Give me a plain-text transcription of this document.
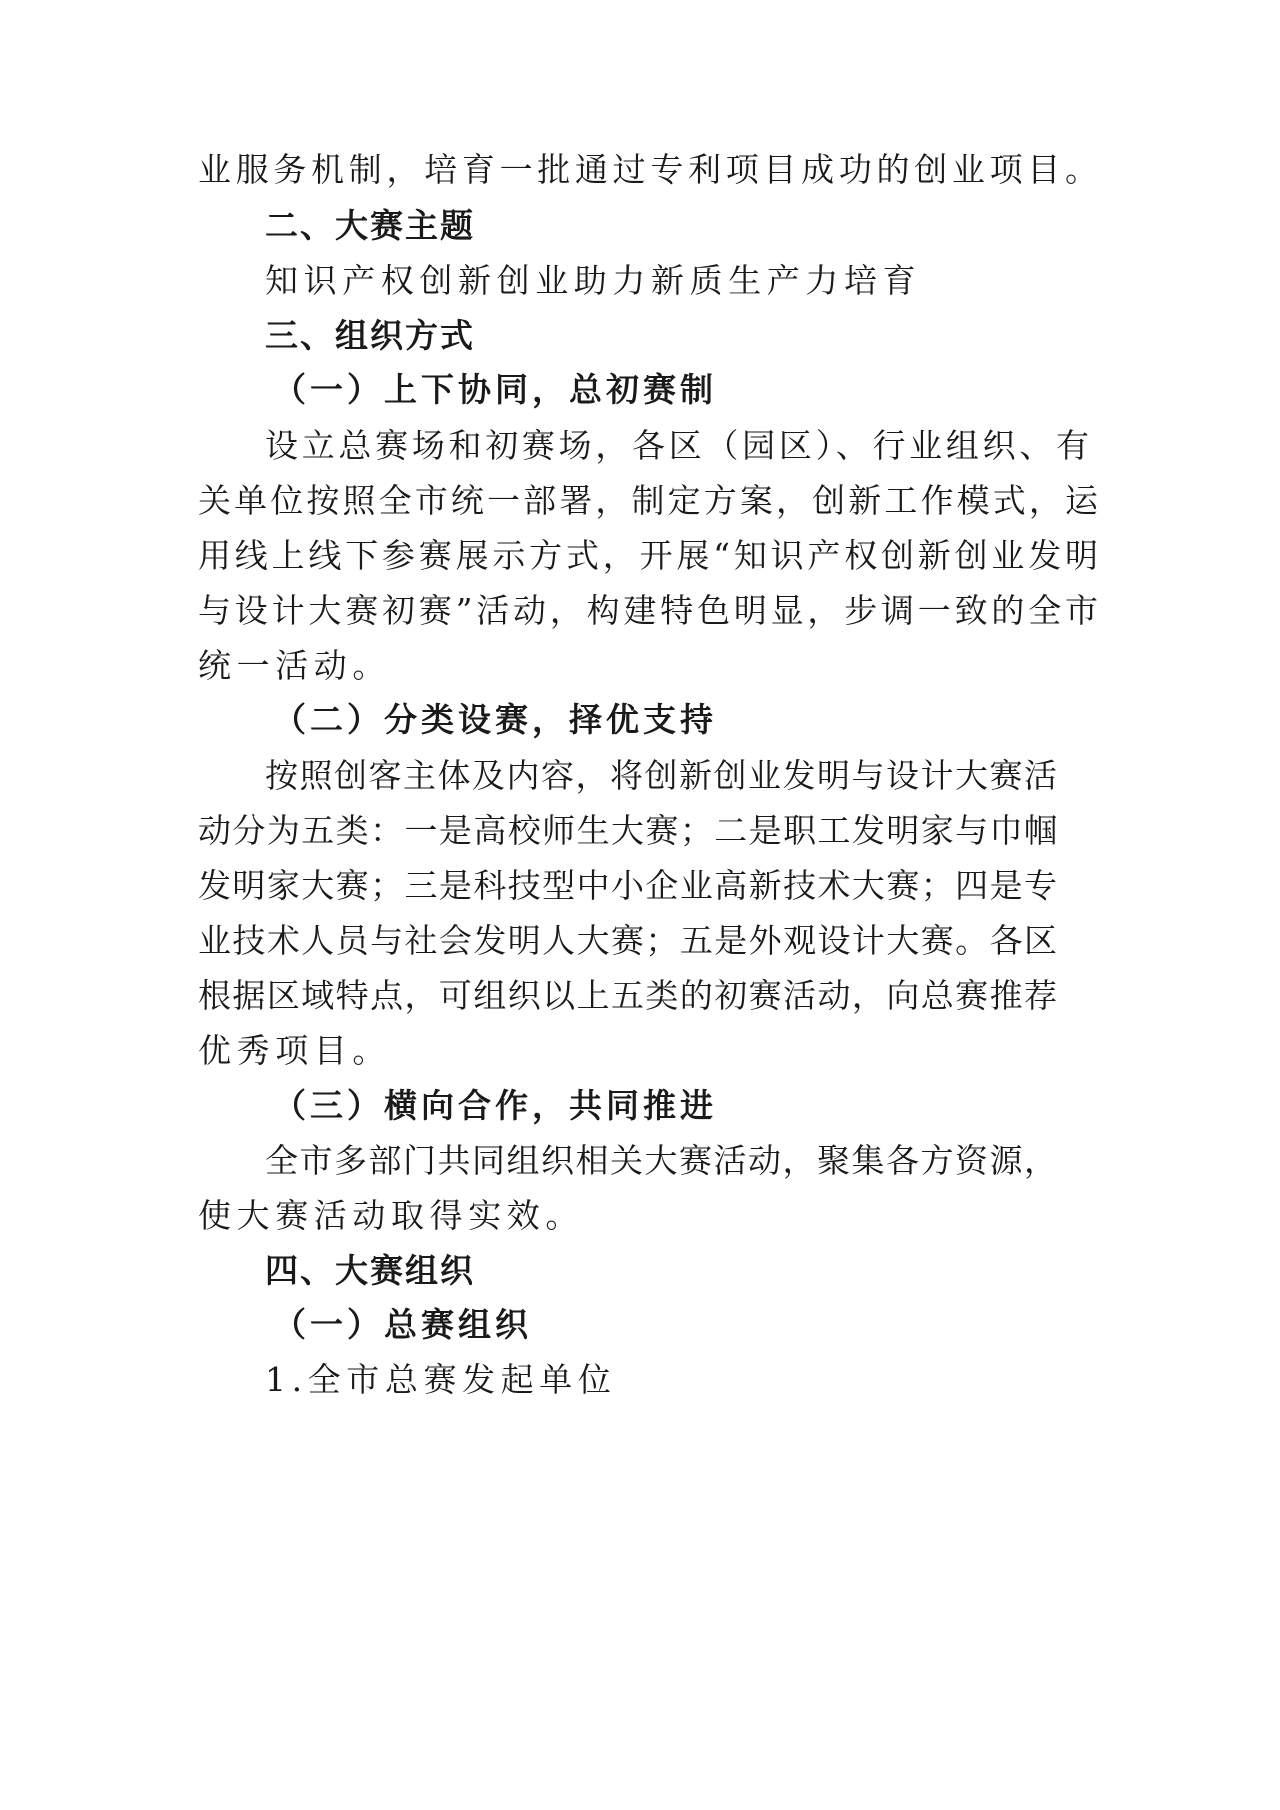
业服务机制，培育一批通过专利项目成功的创业项目。
二、大赛主题
知识产权创新创业助力新质生产力培育
三、组织方式
（一）上下协同，总初赛制
设立总赛场和初赛场，各区（园区）、行业组织、有
关单位按照全市统一部署，制定方案，创新工作模式，运
用线上线下参赛展示方式，开展“知识产权创新创业发明
与设计大赛初赛”活动，构建特色明显，步调一致的全市
统一活动。
（二）分类设赛，择优支持
按照创客主体及内容，将创新创业发明与设计大赛活
动分为五类：一是高校师生大赛；二是职工发明家与巾帼
发明家大赛；三是科技型中小企业高新技术大赛；四是专
业技术人员与社会发明人大赛；五是外观设计大赛。各区
根据区域特点，可组织以上五类的初赛活动，向总赛推荐
优秀项目。
（三）横向合作，共同推进
全市多部门共同组织相关大赛活动，聚集各方资源，
使大赛活动取得实效。
四、大赛组织
（一）总赛组织
1.全市总赛发起单位
